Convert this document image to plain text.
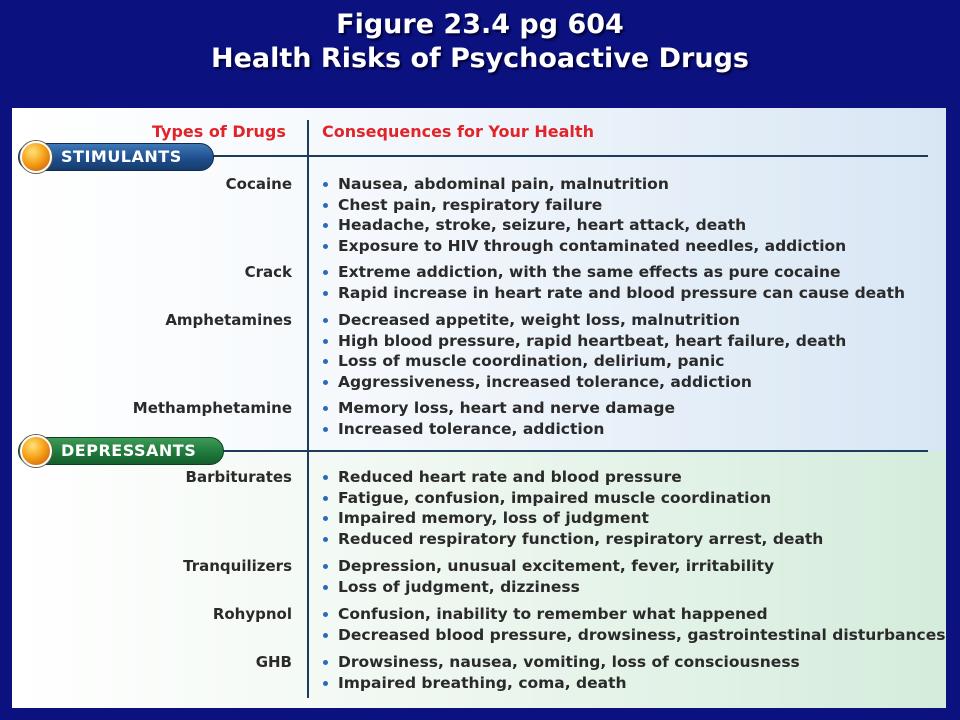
Figure 23.4 pg 604
Health Risks of Psychoactive Drugs
Types of Drugs Consequences for Your Health
STIMULANTS
DEPRESSANTS
Cocaine	Nausea, abdominal pain, malnutrition
Chest pain, respiratory failure
Headache, stroke, seizure, heart attack, death
Exposure to HIV through contaminated needles, addiction
Crack	Extreme addiction, with the same effects as pure cocaine
Rapid increase in heart rate and blood pressure can cause death
Amphetamines	Decreased appetite, weight loss, malnutrition
High blood pressure, rapid heartbeat, heart failure, death
Loss of muscle coordination, delirium, panic
Aggressiveness, increased tolerance, addiction
Methamphetamine	Memory loss, heart and nerve damage
Increased tolerance, addiction
Barbiturates	Reduced heart rate and blood pressure
Fatigue, confusion, impaired muscle coordination
Impaired memory, loss of judgment
Reduced respiratory function, respiratory arrest, death
Tranquilizers	Depression, unusual excitement, fever, irritability
Loss of judgment, dizziness
Rohypnol	Confusion, inability to remember what happened
Decreased blood pressure, drowsiness, gastrointestinal disturbances
GHB	Drowsiness, nausea, vomiting, loss of consciousness
Impaired breathing, coma, death
